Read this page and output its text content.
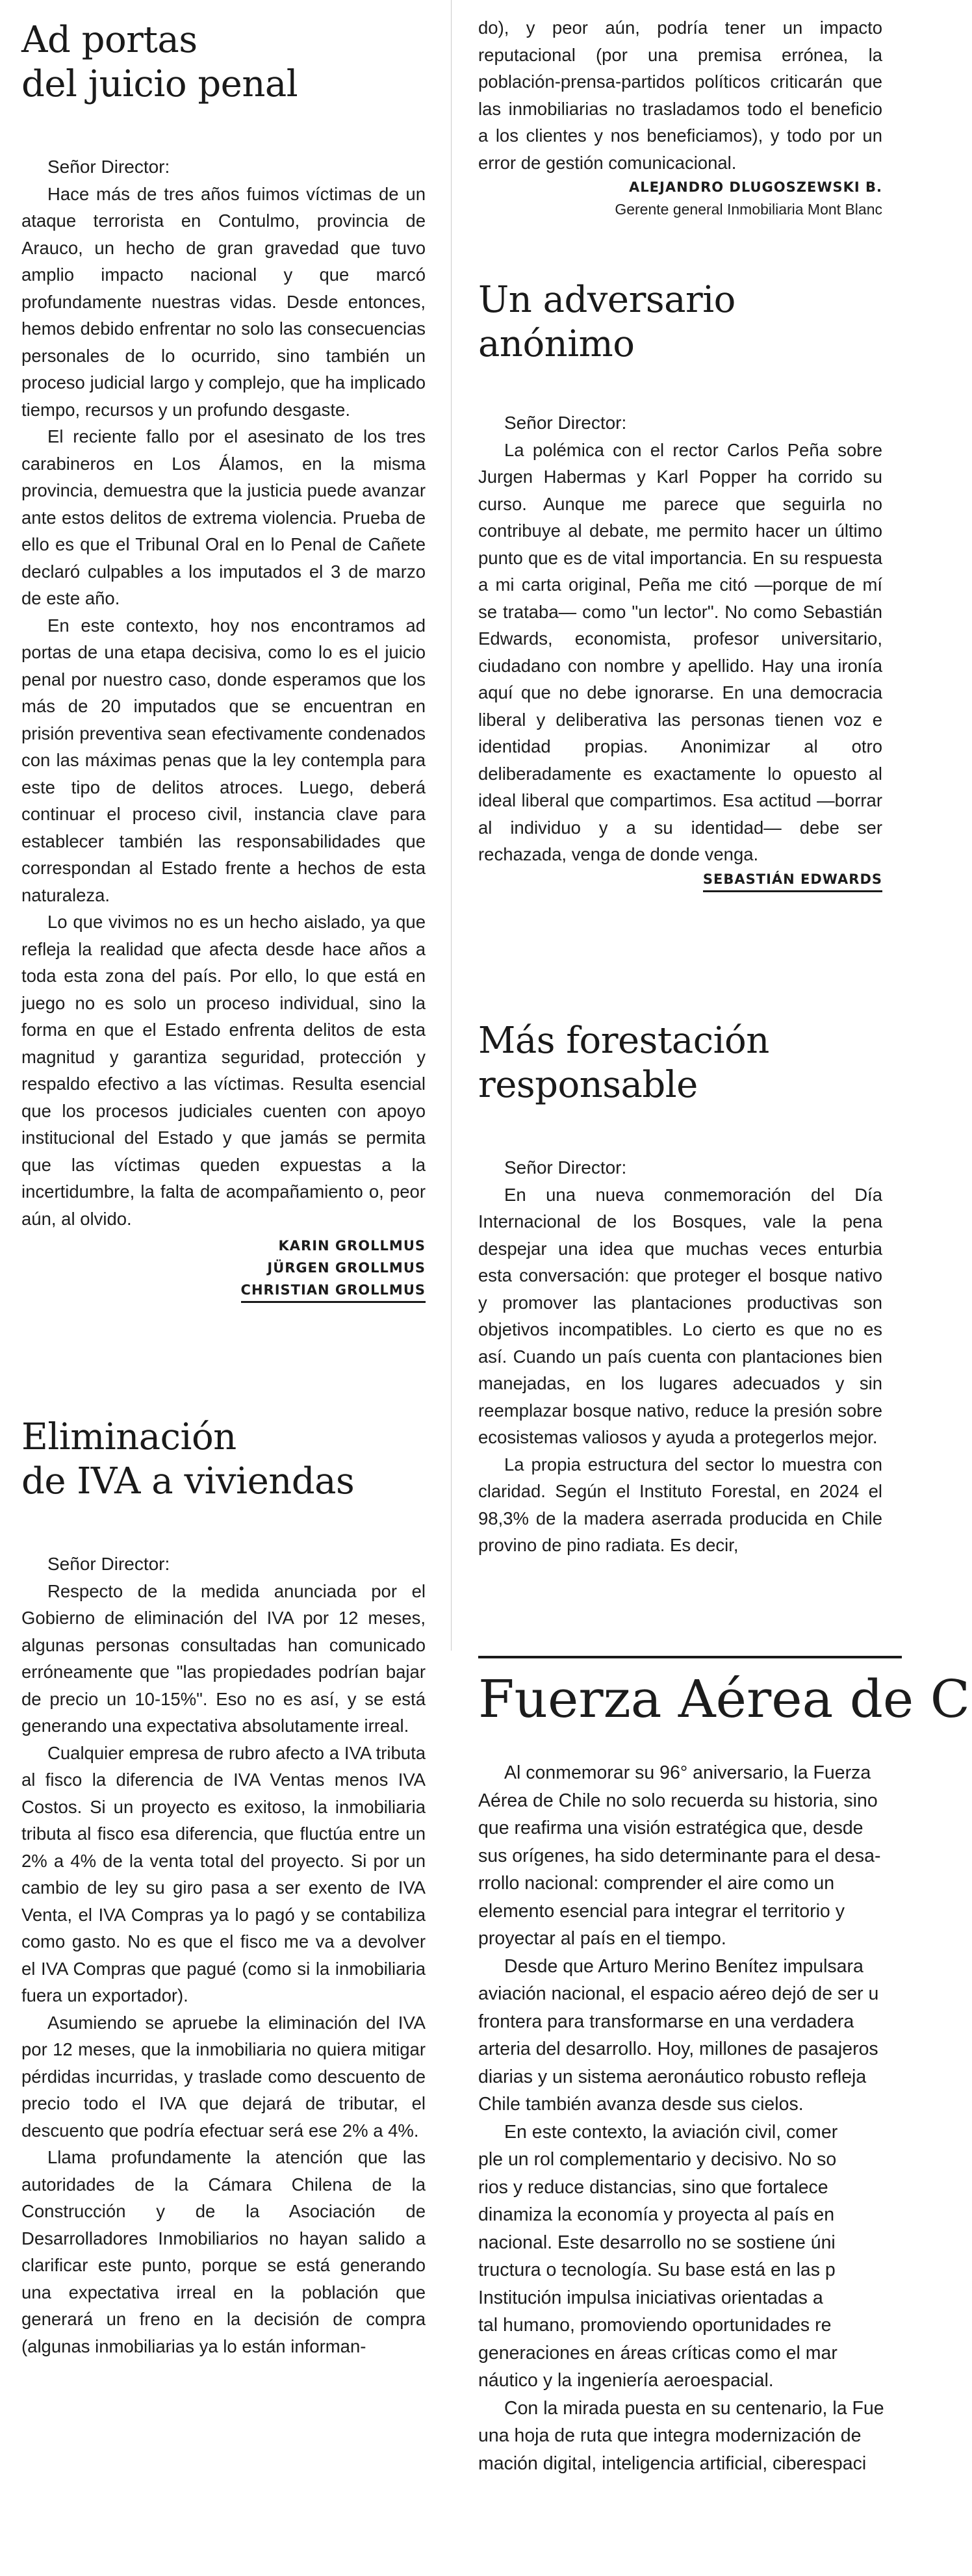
Ad portas
del juicio penal

Señor Director:

Hace más de tres años fuimos víctimas de un ataque terrorista en Contulmo, provincia de Arauco, un hecho de gran gravedad que tuvo amplio impacto nacional y que marcó profundamente nuestras vidas. Desde entonces, hemos debido enfrentar no solo las consecuencias personales de lo ocurrido, sino también un proceso judicial largo y complejo, que ha implicado tiempo, recursos y un profundo desgaste.

El reciente fallo por el asesinato de los tres carabineros en Los Álamos, en la misma provincia, demuestra que la justicia puede avanzar ante estos delitos de extrema violencia. Prueba de ello es que el Tribunal Oral en lo Penal de Cañete declaró culpables a los imputados el 3 de marzo de este año.

En este contexto, hoy nos encontramos ad portas de una etapa decisiva, como lo es el juicio penal por nuestro caso, donde esperamos que los más de 20 imputados que se encuentran en prisión preventiva sean efectivamente condenados con las máximas penas que la ley contempla para este tipo de delitos atroces. Luego, deberá continuar el proceso civil, instancia clave para establecer también las responsabilidades que correspondan al Estado frente a hechos de esta naturaleza.

Lo que vivimos no es un hecho aislado, ya que refleja la realidad que afecta desde hace años a toda esta zona del país. Por ello, lo que está en juego no es solo un proceso individual, sino la forma en que el Estado enfrenta delitos de esta magnitud y garantiza seguridad, protección y respaldo efectivo a las víctimas. Resulta esencial que los procesos judiciales cuenten con apoyo institucional del Estado y que jamás se permita que las víctimas queden expuestas a la incertidumbre, la falta de acompañamiento o, peor aún, al olvido.

KARIN GROLLMUS
JÜRGEN GROLLMUS
CHRISTIAN GROLLMUS
Eliminación
de IVA a viviendas

Señor Director:

Respecto de la medida anunciada por el Gobierno de eliminación del IVA por 12 meses, algunas personas consultadas han comunicado erróneamente que "las propiedades podrían bajar de precio un 10-15%". Eso no es así, y se está generando una expectativa absolutamente irreal.

Cualquier empresa de rubro afecto a IVA tributa al fisco la diferencia de IVA Ventas menos IVA Costos. Si un proyecto es exitoso, la inmobiliaria tributa al fisco esa diferencia, que fluctúa entre un 2% a 4% de la venta total del proyecto. Si por un cambio de ley su giro pasa a ser exento de IVA Venta, el IVA Compras ya lo pagó y se contabiliza como gasto. No es que el fisco me va a devolver el IVA Compras que pagué (como si la inmobiliaria fuera un exportador).

Asumiendo se apruebe la eliminación del IVA por 12 meses, que la inmobiliaria no quiera mitigar pérdidas incurridas, y traslade como descuento de precio todo el IVA que dejará de tributar, el descuento que podría efectuar será ese 2% a 4%.

Llama profundamente la atención que las autoridades de la Cámara Chilena de la Construcción y de la Asociación de Desarrolladores Inmobiliarios no hayan salido a clarificar este punto, porque se está generando una expectativa irreal en la población que generará un freno en la decisión de compra (algunas inmobiliarias ya lo están informan-

do), y peor aún, podría tener un impacto reputacional (por una premisa errónea, la población-prensa-partidos políticos criticarán que las inmobiliarias no trasladamos todo el beneficio a los clientes y nos beneficiamos), y todo por un error de gestión comunicacional.

ALEJANDRO DLUGOSZEWSKI B.
Gerente general Inmobiliaria Mont Blanc
Un adversario
anónimo

Señor Director:

La polémica con el rector Carlos Peña sobre Jurgen Habermas y Karl Popper ha corrido su curso. Aunque me parece que seguirla no contribuye al debate, me permito hacer un último punto que es de vital importancia. En su respuesta a mi carta original, Peña me citó —porque de mí se trataba— como "un lector". No como Sebastián Edwards, economista, profesor universitario, ciudadano con nombre y apellido. Hay una ironía aquí que no debe ignorarse. En una democracia liberal y deliberativa las personas tienen voz e identidad propias. Anonimizar al otro deliberadamente es exactamente lo opuesto al ideal liberal que compartimos. Esa actitud —borrar al individuo y a su identidad— debe ser rechazada, venga de donde venga.

SEBASTIÁN EDWARDS
Más forestación
responsable

Señor Director:

En una nueva conmemoración del Día Internacional de los Bosques, vale la pena despejar una idea que muchas veces enturbia esta conversación: que proteger el bosque nativo y promover las plantaciones productivas son objetivos incompatibles. Lo cierto es que no es así. Cuando un país cuenta con plantaciones bien manejadas, en los lugares adecuados y sin reemplazar bosque nativo, reduce la presión sobre ecosistemas valiosos y ayuda a protegerlos mejor.

La propia estructura del sector lo muestra con claridad. Según el Instituto Forestal, en 2024 el 98,3% de la madera aserrada producida en Chile provino de pino radiata. Es decir,

Fuerza Aérea de C

Al conmemorar su 96° aniversario, la Fuerza

Aérea de Chile no solo recuerda su historia, sino

que reafirma una visión estratégica que, desde

sus orígenes, ha sido determinante para el desa-

rrollo nacional: comprender el aire como un

elemento esencial para integrar el territorio y

proyectar al país en el tiempo.

Desde que Arturo Merino Benítez impulsara

aviación nacional, el espacio aéreo dejó de ser u

frontera para transformarse en una verdadera

arteria del desarrollo. Hoy, millones de pasajeros

diarias y un sistema aeronáutico robusto refleja

Chile también avanza desde sus cielos.

En este contexto, la aviación civil, comer

ple un rol complementario y decisivo. No so

rios y reduce distancias, sino que fortalece

dinamiza la economía y proyecta al país en

nacional. Este desarrollo no se sostiene úni

tructura o tecnología. Su base está en las p

Institución impulsa iniciativas orientadas a

tal humano, promoviendo oportunidades re

generaciones en áreas críticas como el mar

náutico y la ingeniería aeroespacial.

Con la mirada puesta en su centenario, la Fue

una hoja de ruta que integra modernización de

mación digital, inteligencia artificial, ciberespaci
